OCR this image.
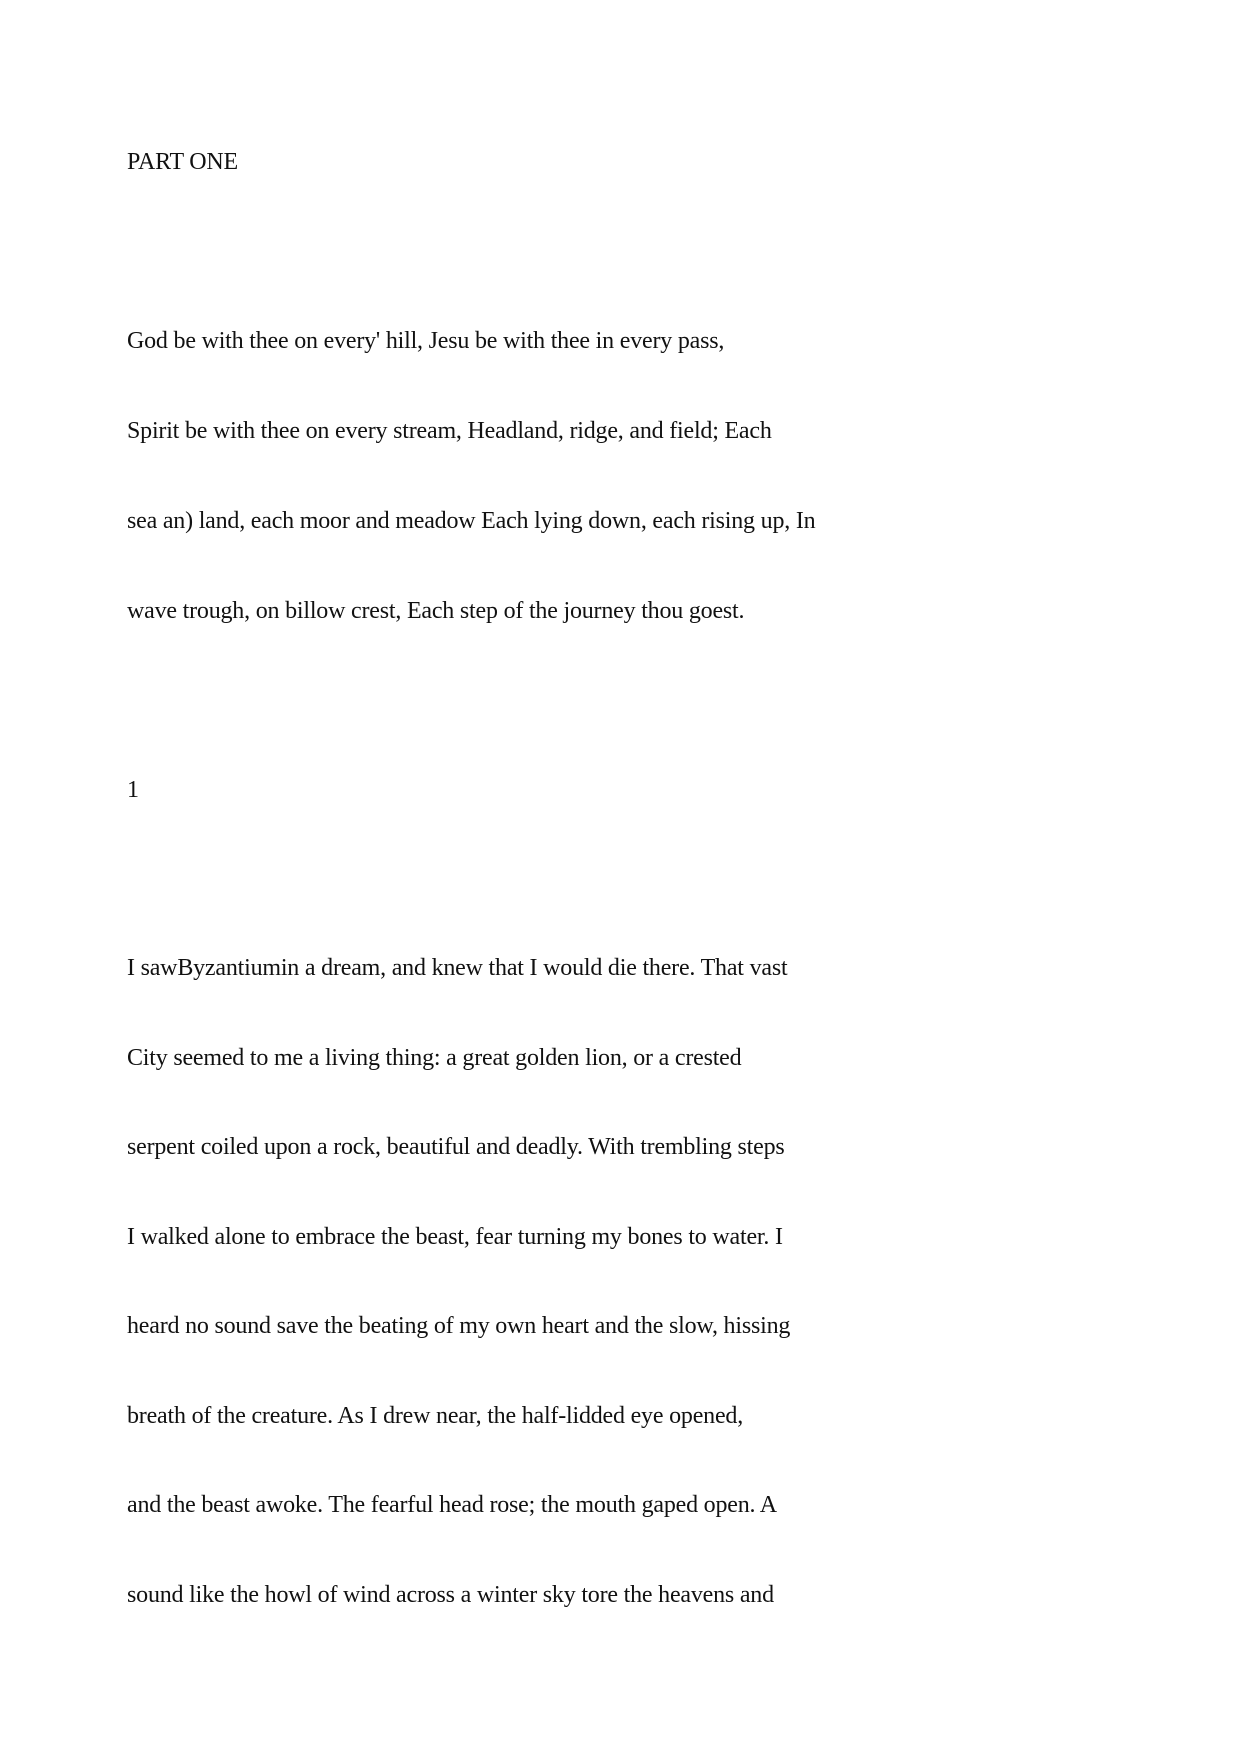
PART ONE
God be with thee on every' hill, Jesu be with thee in every pass,
Spirit be with thee on every stream, Headland, ridge, and field; Each
sea an) land, each moor and meadow Each lying down, each rising up, In
wave trough, on billow crest, Each step of the journey thou goest.
1
I sawByzantiumin a dream, and knew that I would die there. That vast
City seemed to me a living thing: a great golden lion, or a crested
serpent coiled upon a rock, beautiful and deadly. With trembling steps
I walked alone to embrace the beast, fear turning my bones to water. I
heard no sound save the beating of my own heart and the slow, hissing
breath of the creature. As I drew near, the half-lidded eye opened,
and the beast awoke. The fearful head rose; the mouth gaped open. A
sound like the howl of wind across a winter sky tore the heavens and
